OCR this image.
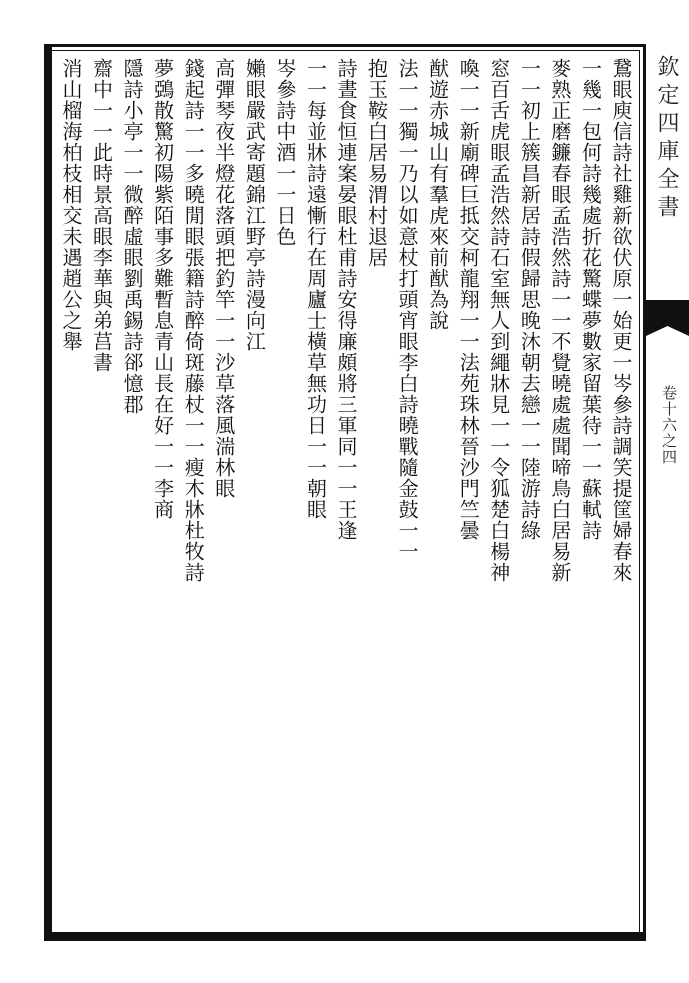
欽定四庫全書
卷十六之四
鵞眼庾信詩社雞新欲伏原一始更一岑參詩調笑提筐婦春來
一幾一包何詩幾處折花驚蝶夢數家留葉待一一蘇軾詩
麥熟正磨鐮春眼孟浩然詩一一不覺曉處處聞啼鳥白居易新
一一初上簇昌新居詩假歸思晚沐朝去戀一一陸游詩綠
窓百舌虎眼孟浩然詩石室無人到繩牀見一一令狐楚白楊神
喚一一新廟碑巨抵交柯龍翔一一法苑珠林晉沙門竺曇
猷遊赤城山有羣虎來前猷為說
抱玉鞍白居易渭村退居 法一一獨一乃以如意杖打頭宵眼李白詩曉戰隨金鼓一一
詩晝食恒連案晏眼杜甫詩安得廉頗將三軍同一一王逢
一一每並牀詩遠慚行在周廬士橫草無功日一一朝眼
岑參詩中酒一一日色
嬾眼嚴武寄題錦江野亭詩漫向江
高彈琴夜半燈花落頭把釣竿一一沙草落風湍林眼
錢起詩一一多曉閒眼張籍詩醉倚斑藤杖一一瘦木牀杜牧詩
夢鵶散驚初陽紫陌事多難暫息青山長在好一一李商
隱詩小亭一一微醉虛眼劉禹錫詩郤憶郡
齋中一一此時景高眼李華與弟莒書
消山榴海柏枝相交未遇趙公之舉
